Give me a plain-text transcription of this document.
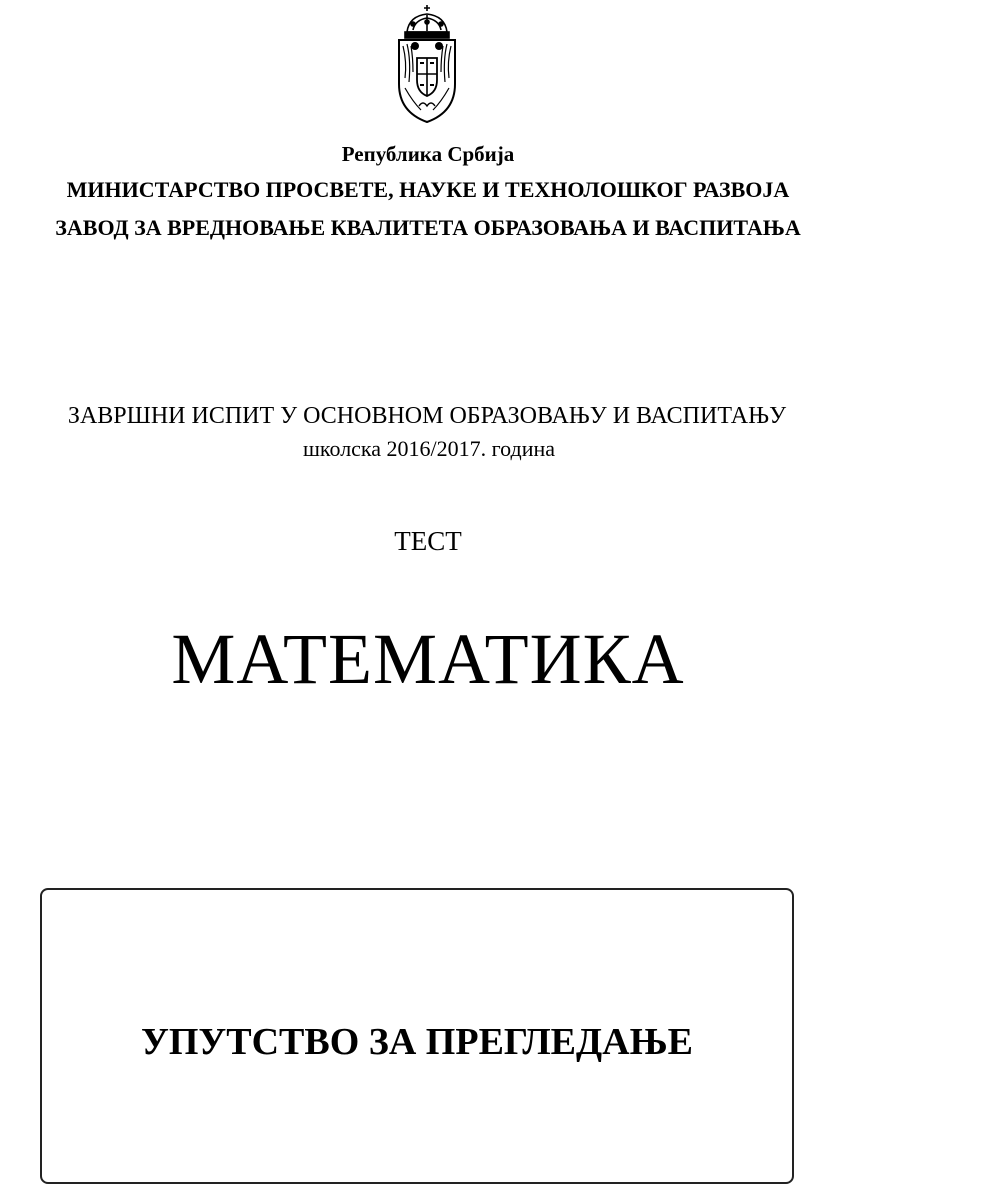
Република Србија
МИНИСТАРСТВО ПРОСВЕТЕ, НАУКЕ И ТЕХНОЛОШКОГ РАЗВОЈА
ЗАВОД ЗА ВРЕДНОВАЊЕ КВАЛИТЕТА ОБРАЗОВАЊА И ВАСПИТАЊА
ЗАВРШНИ ИСПИТ У ОСНОВНОМ ОБРАЗОВАЊУ И ВАСПИТАЊУ
школска 2016/2017. година
ТЕСТ
МАТЕМАТИКА
УПУТСТВО ЗА ПРЕГЛЕДАЊЕ
